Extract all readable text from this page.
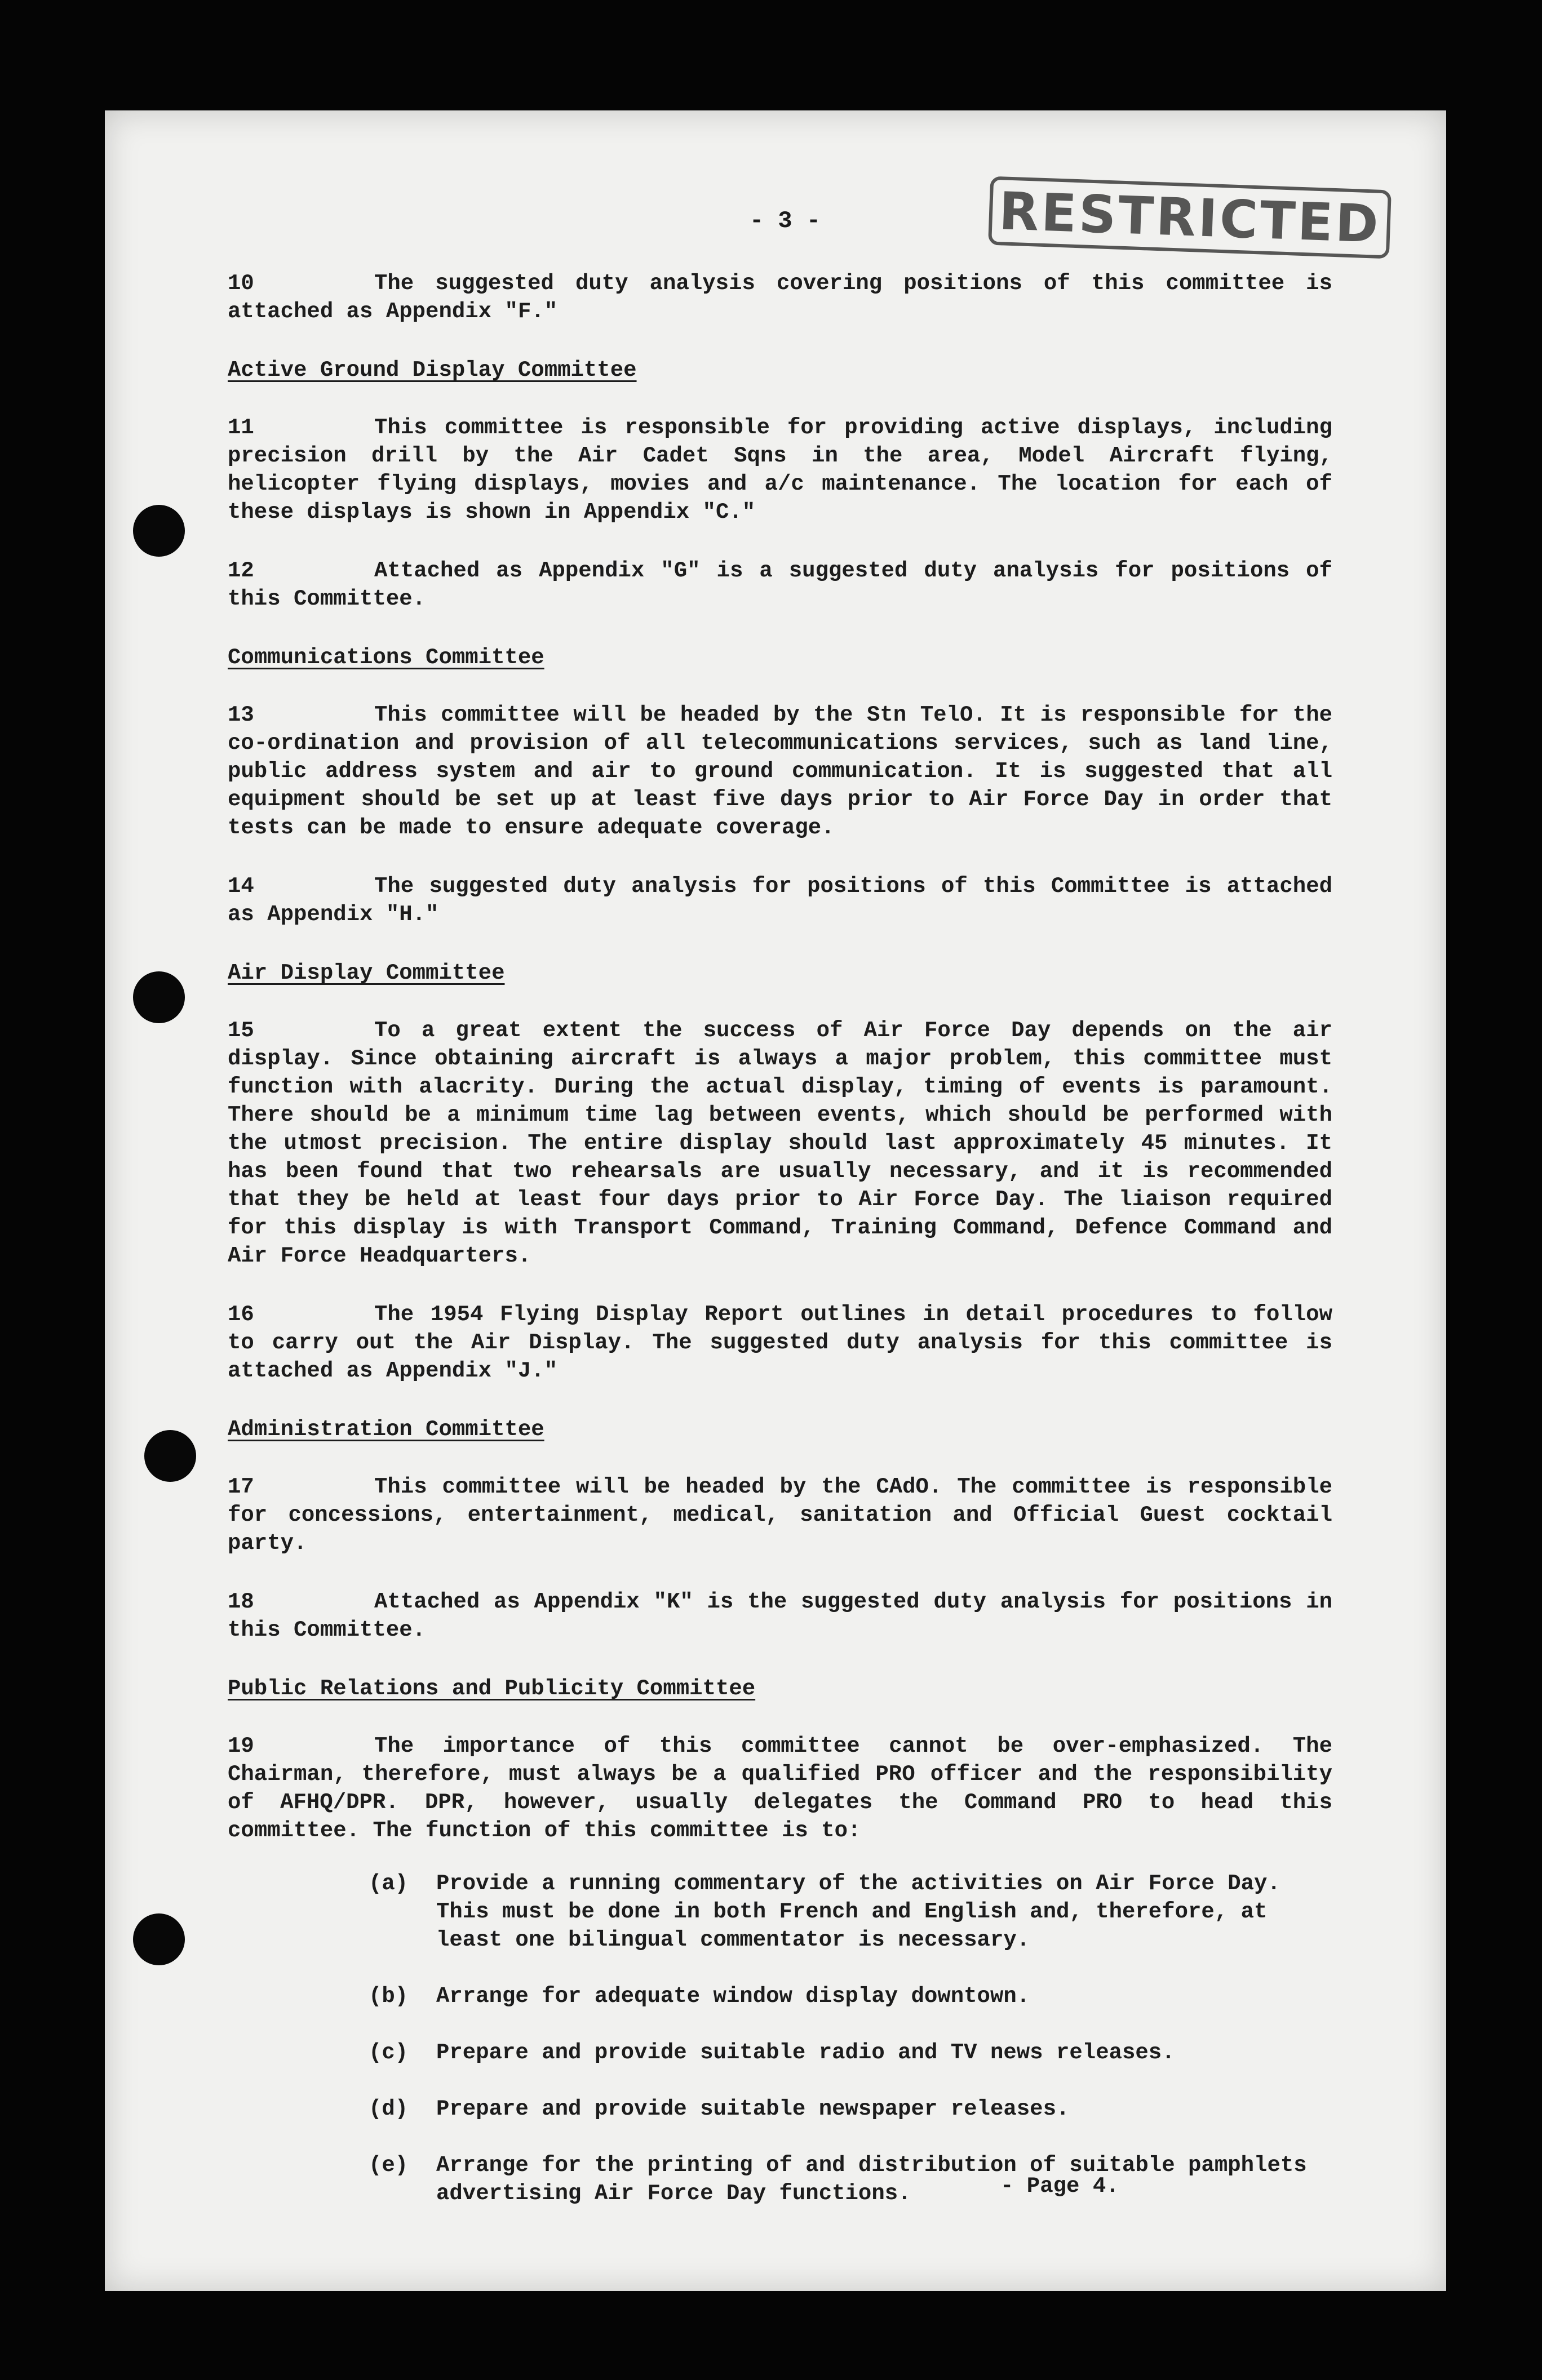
- 3 -	RESTRICTED
10	The suggested duty analysis covering positions of this committee is attached as Appendix "F."
Active Ground Display Committee
11	This committee is responsible for providing active displays, including precision drill by the Air Cadet Sqns in the area, Model Aircraft flying, helicopter flying displays, movies and a/c maintenance. The location for each of these displays is shown in Appendix "C."
12	Attached as Appendix "G" is a suggested duty analysis for positions of this Committee.
Communications Committee
13	This committee will be headed by the Stn TelO. It is responsible for the co-ordination and provision of all telecommunications services, such as land line, public address system and air to ground communication. It is suggested that all equipment should be set up at least five days prior to Air Force Day in order that tests can be made to ensure adequate coverage.
14	The suggested duty analysis for positions of this Committee is attached as Appendix "H."
Air Display Committee
15	To a great extent the success of Air Force Day depends on the air display. Since obtaining aircraft is always a major problem, this committee must function with alacrity. During the actual display, timing of events is paramount. There should be a minimum time lag between events, which should be performed with the utmost precision. The entire display should last approximately 45 minutes. It has been found that two rehearsals are usually necessary, and it is recommended that they be held at least four days prior to Air Force Day. The liaison required for this display is with Transport Command, Training Command, Defence Command and Air Force Headquarters.
16	The 1954 Flying Display Report outlines in detail procedures to follow to carry out the Air Display. The suggested duty analysis for this committee is attached as Appendix "J."
Administration Committee
17	This committee will be headed by the CAdO. The committee is responsible for concessions, entertainment, medical, sanitation and Official Guest cocktail party.
18	Attached as Appendix "K" is the suggested duty analysis for positions in this Committee.
Public Relations and Publicity Committee
19	The importance of this committee cannot be over-emphasized. The Chairman, therefore, must always be a qualified PRO officer and the responsibility of AFHQ/DPR. DPR, however, usually delegates the Command PRO to head this committee. The function of this committee is to:
(a)	Provide a running commentary of the activities on Air Force Day. This must be done in both French and English and, therefore, at least one bilingual commentator is necessary.
(b)	Arrange for adequate window display downtown.
(c)	Prepare and provide suitable radio and TV news releases.
(d)	Prepare and provide suitable newspaper releases.
(e)	Arrange for the printing of and distribution of suitable pamphlets advertising Air Force Day functions.	- Page 4.
